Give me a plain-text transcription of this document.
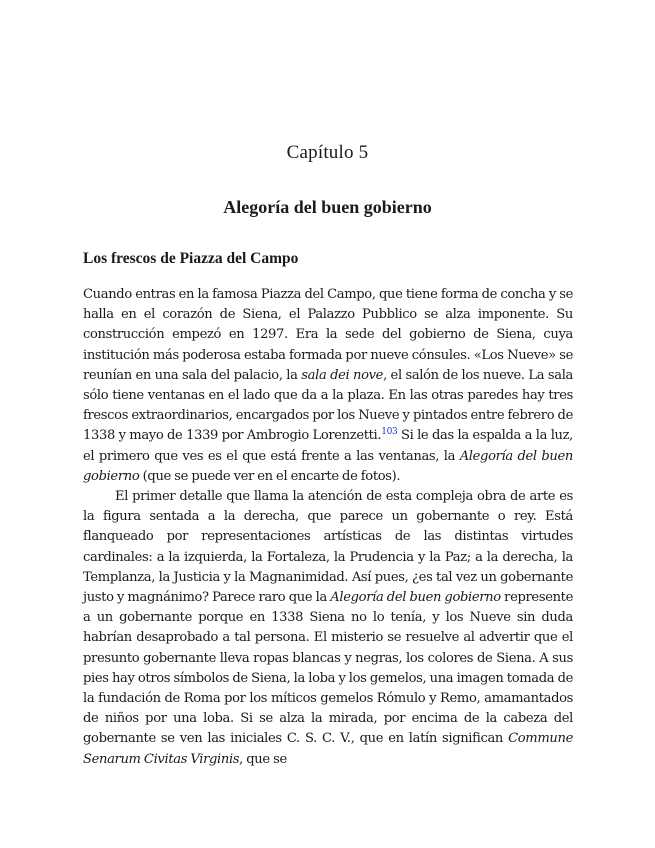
Capítulo 5
Alegoría del buen gobierno
Los frescos de Piazza del Campo

Cuando entras en la famosa Piazza del Campo, que tiene forma de concha y se halla en el corazón de Siena, el Palazzo Pubblico se alza imponente. Su construcción empezó en 1297. Era la sede del gobierno de Siena, cuya institución más poderosa estaba formada por nueve cónsules. «Los Nueve» se reunían en una sala del palacio, la sala dei nove, el salón de los nueve. La sala sólo tiene ventanas en el lado que da a la plaza. En las otras paredes hay tres frescos extraordinarios, encargados por los Nueve y pintados entre febrero de 1338 y mayo de 1339 por Ambrogio Lorenzetti.$^{103}$ Si le das la espalda a la luz, el primero que ves es el que está frente a las ventanas, la Alegoría del buen gobierno (que se puede ver en el encarte de fotos).

El primer detalle que llama la atención de esta compleja obra de arte es la figura sentada a la derecha, que parece un gobernante o rey. Está flanqueado por representaciones artísticas de las distintas virtudes cardinales: a la izquierda, la Fortaleza, la Prudencia y la Paz; a la derecha, la Templanza, la Justicia y la Magnanimidad. Así pues, ¿es tal vez un gobernante justo y magnánimo? Parece raro que la Alegoría del buen gobierno represente a un gobernante porque en 1338 Siena no lo tenía, y los Nueve sin duda habrían desaprobado a tal persona. El misterio se resuelve al advertir que el presunto gobernante lleva ropas blancas y negras, los colores de Siena. A sus pies hay otros símbolos de Siena, la loba y los gemelos, una imagen tomada de la fundación de Roma por los míticos gemelos Rómulo y Remo, amamantados de niños por una loba. Si se alza la mirada, por encima de la cabeza del gobernante se ven las iniciales C. S. C. V., que en latín significan Commune Senarum Civitas Virginis, que se
